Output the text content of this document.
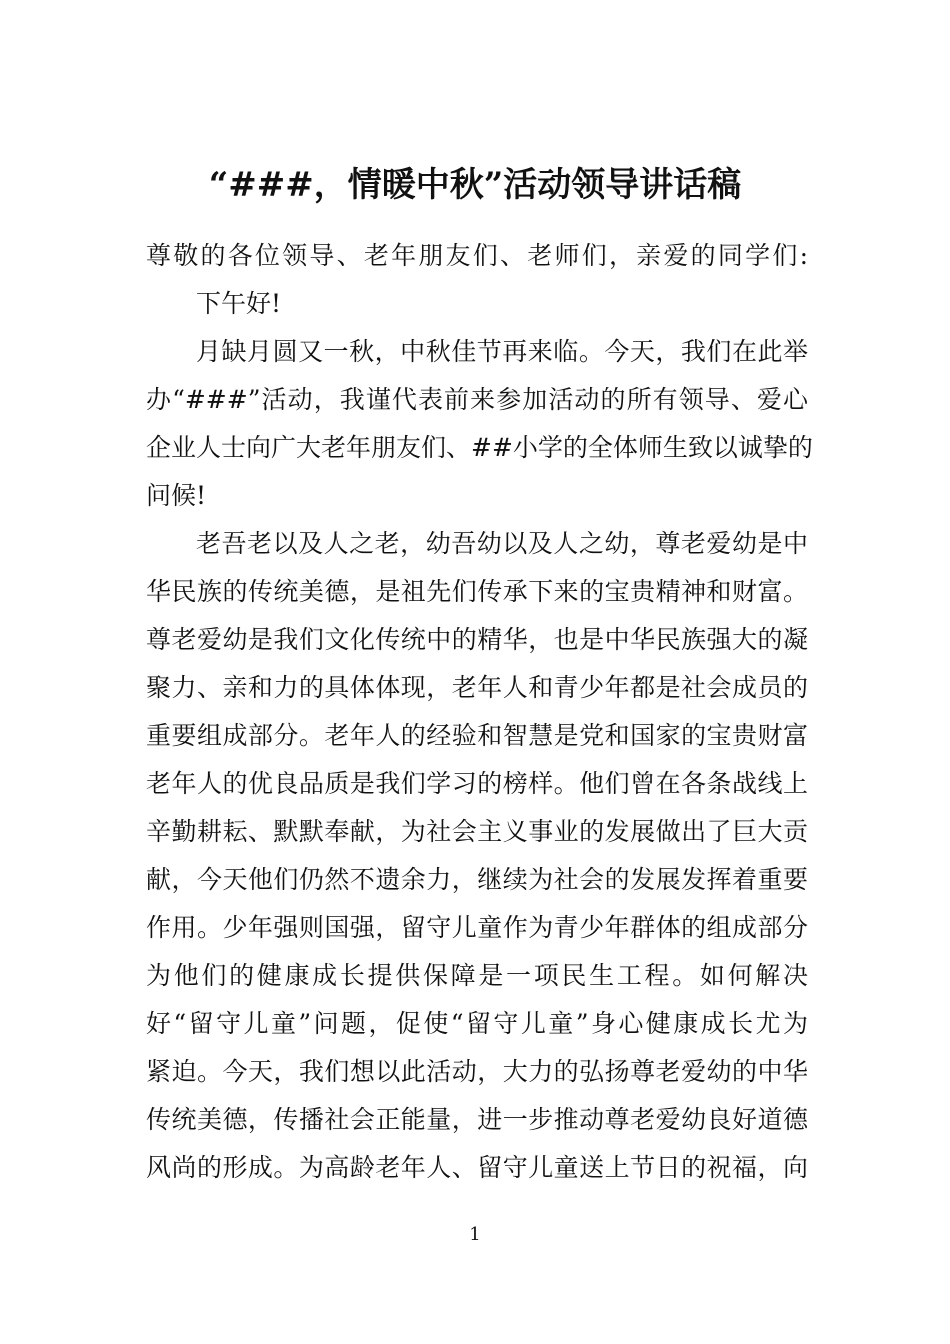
“###，情暖中秋”活动领导讲话稿
尊敬的各位领导、老年朋友们、老师们，亲爱的同学们:
下午好!
月缺月圆又一秋，中秋佳节再来临。今天，我们在此举
办“###”活动，我谨代表前来参加活动的所有领导、爱心
企业人士向广大老年朋友们、##小学的全体师生致以诚挚的
问候!
老吾老以及人之老，幼吾幼以及人之幼，尊老爱幼是中
华民族的传统美德，是祖先们传承下来的宝贵精神和财富。
尊老爱幼是我们文化传统中的精华，也是中华民族强大的凝
聚力、亲和力的具体体现，老年人和青少年都是社会成员的
重要组成部分。老年人的经验和智慧是党和国家的宝贵财富
老年人的优良品质是我们学习的榜样。他们曾在各条战线上
辛勤耕耘、默默奉献，为社会主义事业的发展做出了巨大贡
献，今天他们仍然不遗余力，继续为社会的发展发挥着重要
作用。少年强则国强，留守儿童作为青少年群体的组成部分
为他们的健康成长提供保障是一项民生工程。如何解决
好“留守儿童”问题，促使“留守儿童”身心健康成长尤为
紧迫。今天，我们想以此活动，大力的弘扬尊老爱幼的中华
传统美德，传播社会正能量，进一步推动尊老爱幼良好道德
风尚的形成。为高龄老年人、留守儿童送上节日的祝福，向
1
